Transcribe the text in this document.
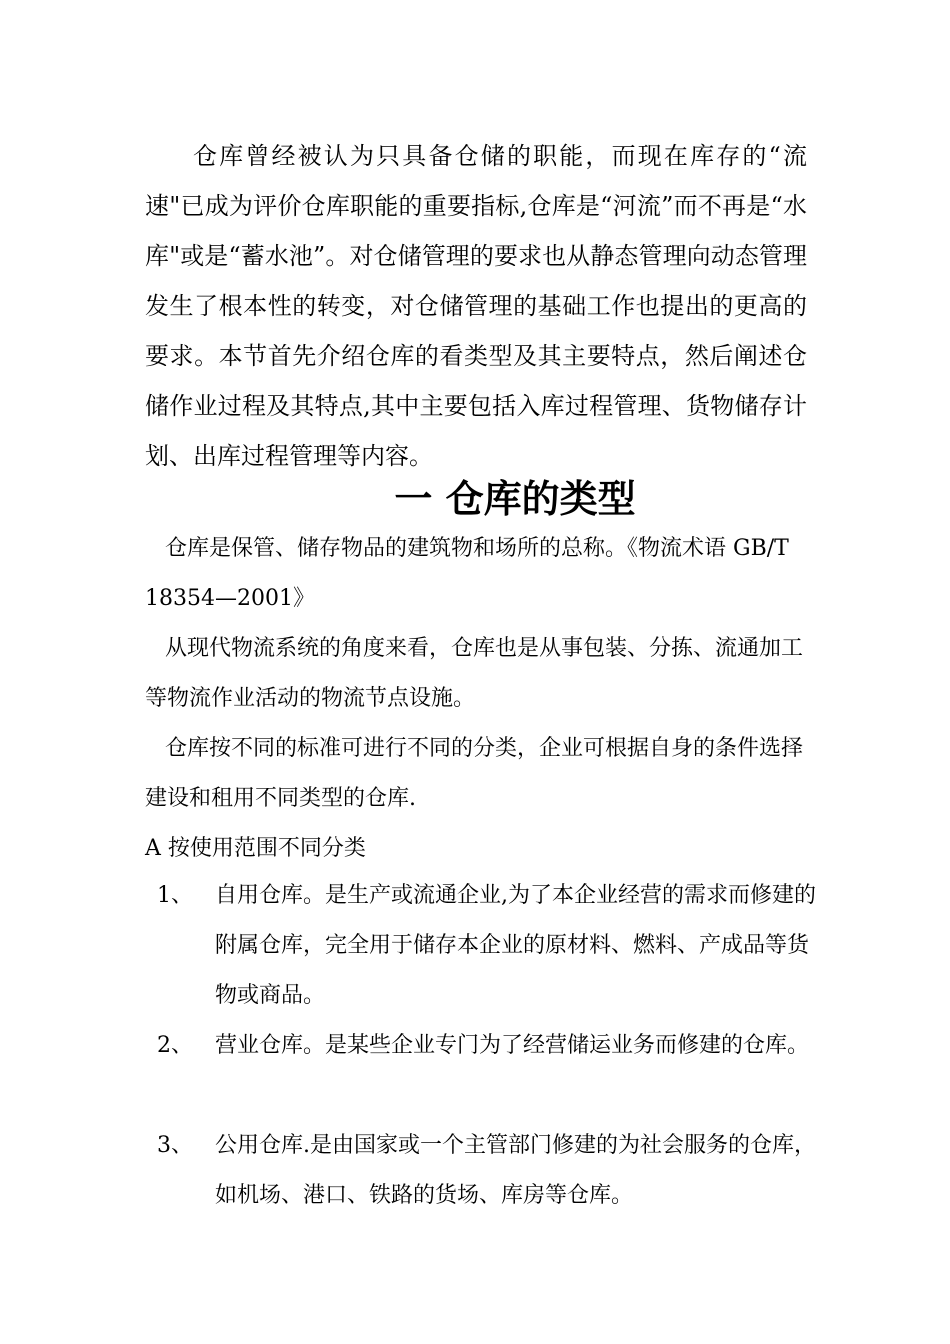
仓库曾经被认为只具备仓储的职能，而现在库存的“流速"已成为评价仓库职能的重要指标,仓库是“河流”而不再是“水库"或是“蓄水池”。对仓储管理的要求也从静态管理向动态管理发生了根本性的转变，对仓储管理的基础工作也提出的更高的要求。本节首先介绍仓库的看类型及其主要特点，然后阐述仓储作业过程及其特点,其中主要包括入库过程管理、货物储存计划、出库过程管理等内容。

一 仓库的类型

仓库是保管、储存物品的建筑物和场所的总称。《物流术语 GB/T 18354—2001》

从现代物流系统的角度来看，仓库也是从事包装、分拣、流通加工等物流作业活动的物流节点设施。

仓库按不同的标准可进行不同的分类，企业可根据自身的条件选择建设和租用不同类型的仓库.

A 按使用范围不同分类

1、 自用仓库。是生产或流通企业,为了本企业经营的需求而修建的附属仓库，完全用于储存本企业的原材料、燃料、产成品等货物或商品。

2、 营业仓库。是某些企业专门为了经营储运业务而修建的仓库。

3、 公用仓库.是由国家或一个主管部门修建的为社会服务的仓库，如机场、港口、铁路的货场、库房等仓库。
